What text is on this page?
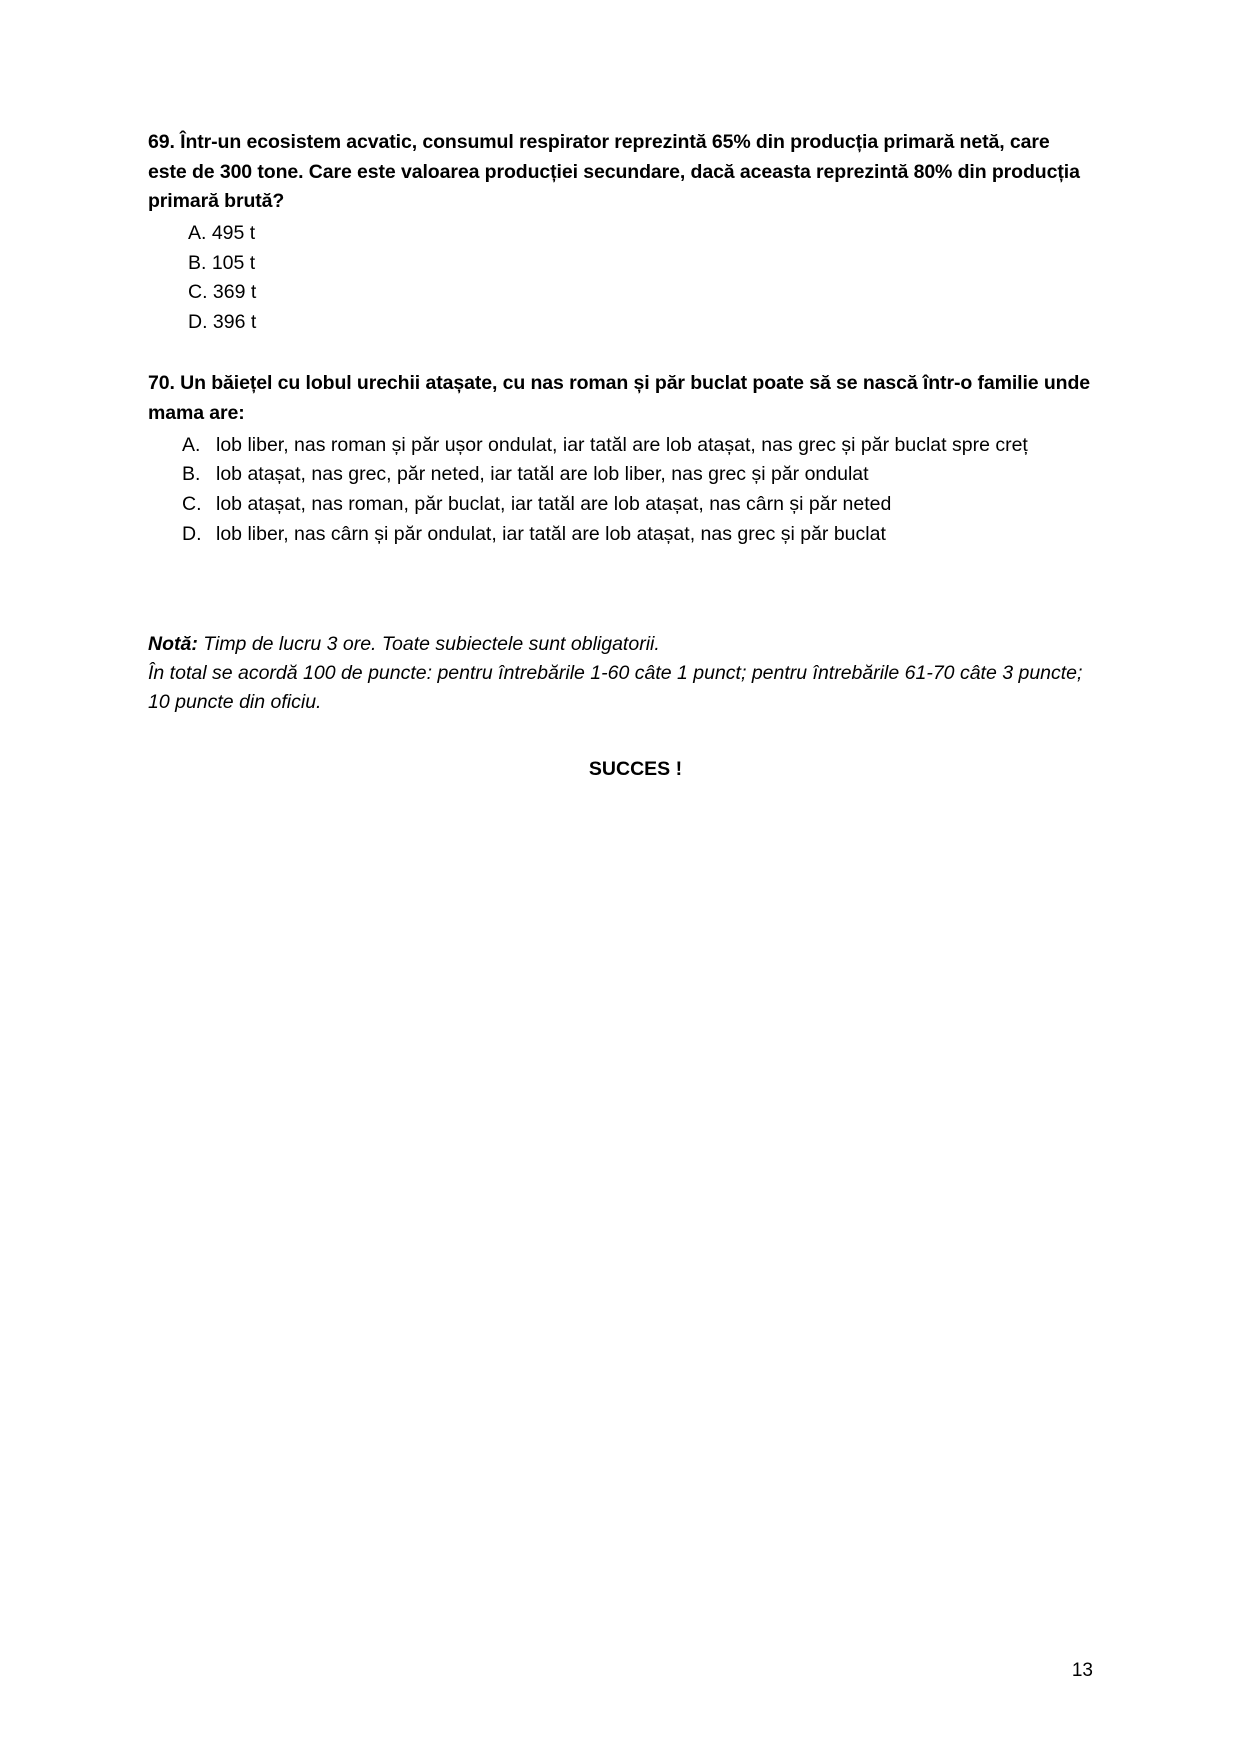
69. Într-un ecosistem acvatic, consumul respirator reprezintă 65% din producția primară netă, care este de 300 tone. Care este valoarea producției secundare, dacă aceasta reprezintă 80% din producția primară brută?

A. 495 t
B. 105 t
C. 369 t
D. 396 t

70. Un băiețel cu lobul urechii atașate, cu nas roman și păr buclat poate să se nască într-o familie unde mama are:

A. lob liber, nas roman și păr ușor ondulat, iar tatăl are lob atașat, nas grec și păr buclat spre creț
B. lob atașat, nas grec, păr neted, iar tatăl are lob liber, nas grec și păr ondulat
C. lob atașat, nas roman, păr buclat, iar tatăl are lob atașat, nas cârn și păr neted
D. lob liber, nas cârn și păr ondulat, iar tatăl are lob atașat, nas grec și păr buclat

Notă: Timp de lucru 3 ore. Toate subiectele sunt obligatorii.

În total se acordă 100 de puncte: pentru întrebările 1-60 câte 1 punct; pentru întrebările 61-70 câte 3 puncte; 10 puncte din oficiu.

SUCCES !

13
